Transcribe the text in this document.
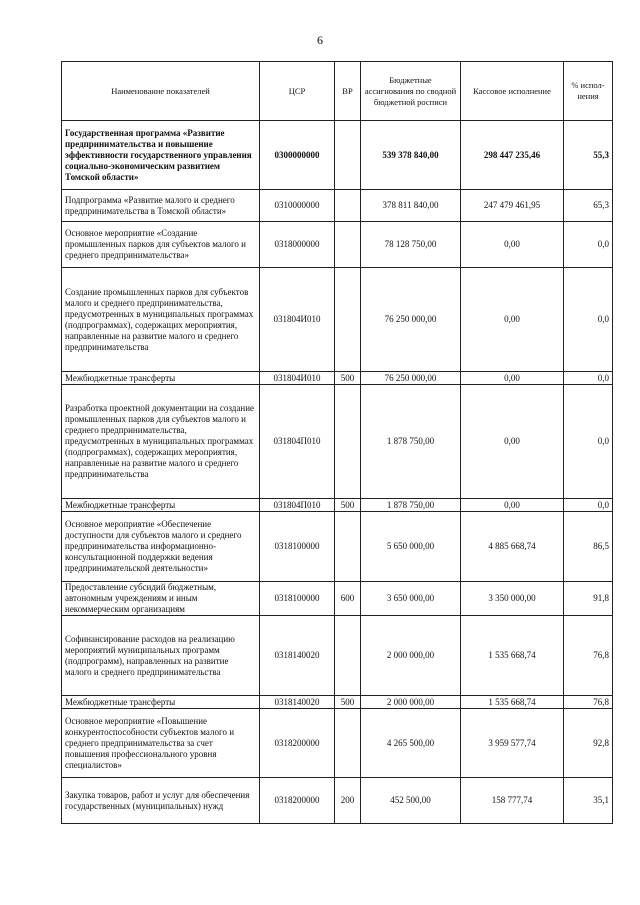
6
Наименование показателей	ЦСР	ВР	Бюджетные ассигнования по сводной бюджетной росписи	Кассовое исполнение	% испол-нения
Государственная программа «Развитие предпринимательства и повышение эффективности государственного управления социально-экономическим развитием Томской области»	0300000000		539 378 840,00	298 447 235,46	55,3
Подпрограмма «Развитие малого и среднего предпринимательства в Томской области»	0310000000		378 811 840,00	247 479 461,95	65,3
Основное мероприятие «Создание промышленных парков для субъектов малого и среднего предпринимательства»	0318000000		78 128 750,00	0,00	0,0
Создание промышленных парков для субъектов малого и среднего предпринимательства, предусмотренных в муниципальных программах (подпрограммах), содержащих мероприятия, направленные на развитие малого и среднего предпринимательства	031804И010		76 250 000,00	0,00	0,0
Межбюджетные трансферты	031804И010	500	76 250 000,00	0,00	0,0
Разработка проектной документации на создание промышленных парков для субъектов малого и среднего предпринимательства, предусмотренных в муниципальных программах (подпрограммах), содержащих мероприятия, направленные на развитие малого и среднего предпринимательства	031804П010		1 878 750,00	0,00	0,0
Межбюджетные трансферты	031804П010	500	1 878 750,00	0,00	0,0
Основное мероприятие «Обеспечение доступности для субъектов малого и среднего предпринимательства информационно-консультационной поддержки ведения предпринимательской деятельности»	0318100000		5 650 000,00	4 885 668,74	86,5
Предоставление субсидий бюджетным, автономным учреждениям и иным некоммерческим организациям	0318100000	600	3 650 000,00	3 350 000,00	91,8
Софинансирование расходов на реализацию мероприятий муниципальных программ (подпрограмм), направленных на развитие малого и среднего предпринимательства	0318140020		2 000 000,00	1 535 668,74	76,8
Межбюджетные трансферты	0318140020	500	2 000 000,00	1 535 668,74	76,8
Основное мероприятие «Повышение конкурентоспособности субъектов малого и среднего предпринимательства за счет повышения профессионального уровня специалистов»	0318200000		4 265 500,00	3 959 577,74	92,8
Закупка товаров, работ и услуг для обеспечения государственных (муниципальных) нужд	0318200000	200	452 500,00	158 777,74	35,1
